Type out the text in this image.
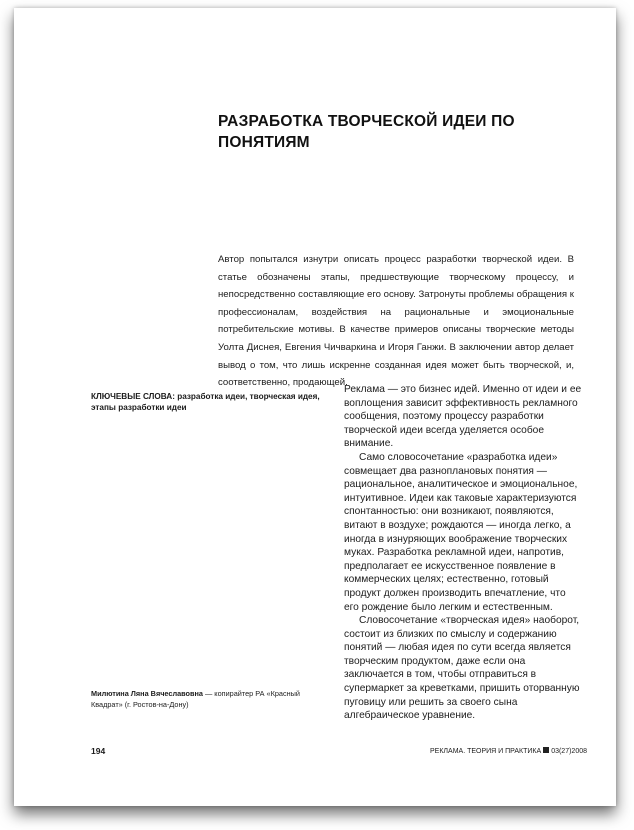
РАЗРАБОТКА ТВОРЧЕСКОЙ ИДЕИ ПО ПОНЯТИЯМ

Автор попытался изнутри описать процесс разработки творческой идеи. В статье обозначены этапы, предшествующие творческому процессу, и непосредственно составляющие его основу. Затронуты проблемы обращения к профессионалам, воздействия на рациональные и эмоциональные потребительские мотивы. В качестве примеров описаны творческие методы Уолта Диснея, Евгения Чичваркина и Игоря Ганжи. В заключении автор делает вывод о том, что лишь искренне созданная идея может быть творческой, и, соответственно, продающей.

КЛЮЧЕВЫЕ СЛОВА: разработка идеи, творческая идея, этапы разработки идеи

Реклама — это бизнес идей. Именно от идеи и ее воплощения зависит эффективность рекламного сообщения, поэтому процессу разработки творческой идеи всегда уделяется особое внимание.

Само словосочетание «разработка идеи» совмещает два разноплановых понятия — рациональное, аналитическое и эмоциональное, интуитивное. Идеи как таковые характеризуются спонтанностью: они возникают, появляются, витают в воздухе; рождаются — иногда легко, а иногда в изнуряющих воображение творческих муках. Разработка рекламной идеи, напротив, предполагает ее искусственное появление в коммерческих целях; естественно, готовый продукт должен производить впечатление, что его рождение было легким и естественным.

Словосочетание «творческая идея» наоборот, состоит из близких по смыслу и содержанию понятий — любая идея по сути всегда является творческим продуктом, даже если она заключается в том, чтобы отправиться в супермаркет за креветками, пришить оторванную пуговицу или решить за своего сына алгебраическое уравнение.

Милютина Ляна Вячеславовна — копирайтер РА «Красный Квадрат» (г. Ростов-на-Дону)

194	РЕКЛАМА. ТЕОРИЯ И ПРАКТИКА 03(27)2008
